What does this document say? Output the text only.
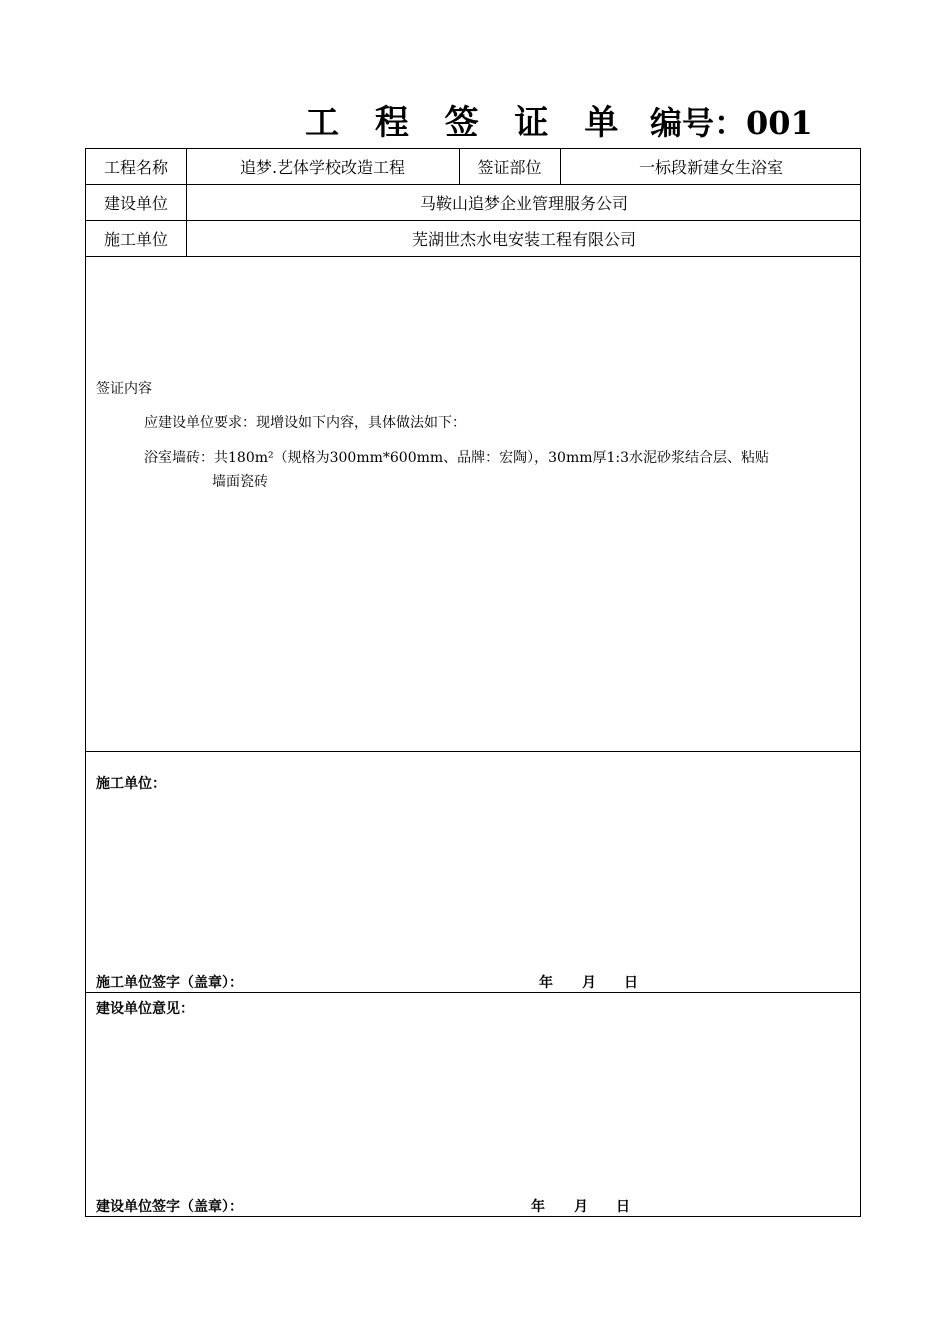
工 程 签 证 单 编号：001
工程名称	追梦.艺体学校改造工程	签证部位	一标段新建女生浴室
建设单位	马鞍山追梦企业管理服务公司
施工单位	芜湖世杰水电安装工程有限公司
签证内容
应建设单位要求：现增设如下内容，具体做法如下：
浴室墙砖：共180m²（规格为300mm*600mm、品牌：宏陶），30mm厚1:3水泥砂浆结合层、粘贴
墙面瓷砖
施工单位：
施工单位签字（盖章）：	年 月 日
建设单位意见：
建设单位签字（盖章）：	年 月 日
